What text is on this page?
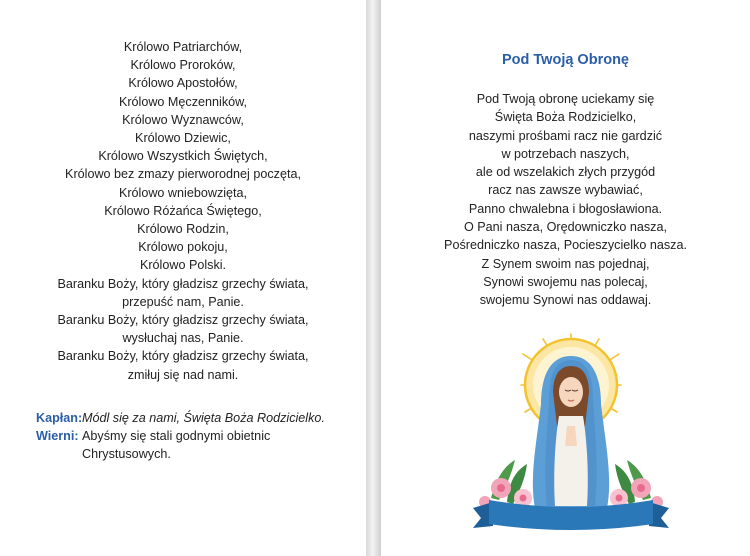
Królowo Patriarchów,
Królowo Proroków,
Królowo Apostołów,
Królowo Męczenników,
Królowo Wyznawców,
Królowo Dziewic,
Królowo Wszystkich Świętych,
Królowo bez zmazy pierworodnej poczęta,
Królowo wniebowzięta,
Królowo Różańca Świętego,
Królowo Rodzin,
Królowo pokoju,
Królowo Polski.
Baranku Boży, który gładzisz grzechy świata,
przepuść nam, Panie.
Baranku Boży, który gładzisz grzechy świata,
wysłuchaj nas, Panie.
Baranku Boży, który gładzisz grzechy świata,
zmiłuj się nad nami.
Kapłan: Módl się za nami, Święta Boża Rodzicielko.
Wierni: Abyśmy się stali godnymi obietnic
Chrystusowych.
Pod Twoją Obronę
Pod Twoją obronę uciekamy się
Święta Boża Rodzicielko,
naszymi prośbami racz nie gardzić
w potrzebach naszych,
ale od wszelakich złych przygód
racz nas zawsze wybawiać,
Panno chwalebna i błogosławiona.
O Pani nasza, Orędowniczko nasza,
Pośredniczko nasza, Pocieszycielko nasza.
Z Synem swoim nas pojednaj,
Synowi swojemu nas polecaj,
swojemu Synowi nas oddawaj.
